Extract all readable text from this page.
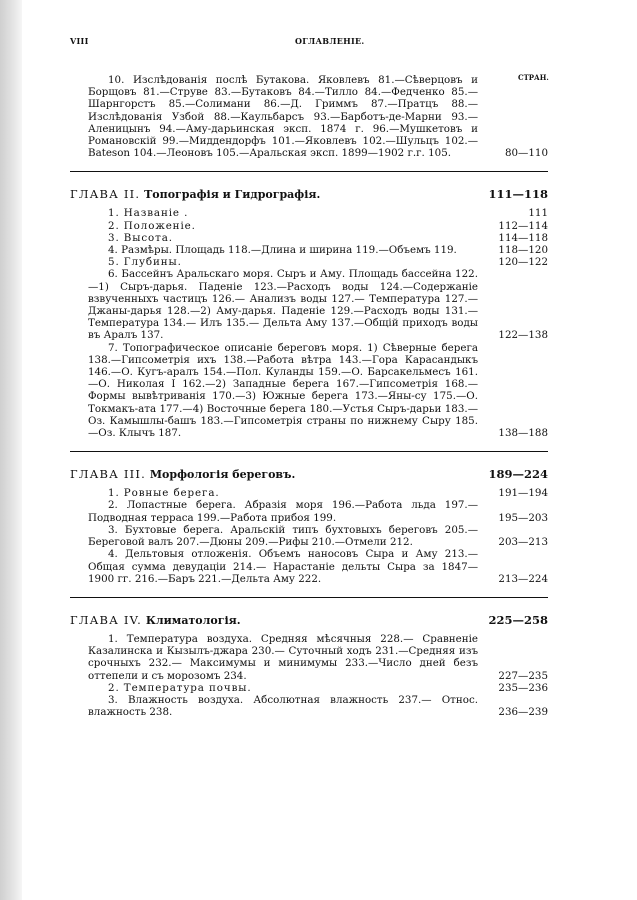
VIII	ОГЛАВЛЕНІЕ.
СТРАН.
10. Изслѣдованія послѣ Бутакова. Яковлевъ 81.—Сѣверцовъ и Борщовъ 81.—Струве 83.—Бутаковъ 84.—Тилло 84.—Федченко 85.— Шарнгорстъ 85.—Солимани 86.—Д. Гриммъ 87.—Пратцъ 88.—Изслѣдованія Узбой 88.—Каульбарсъ 93.—Барботъ-де-Марни 93.—Аленицынъ 94.—Аму-дарьинская эксп. 1874 г. 96.—Мушкетовъ и Романовскій 99.—Миддендорфъ 101.—Яковлевъ 102.—Шульцъ 102.—Bateson 104.—Леоновъ 105.—Аральская эксп. 1899—1902 г.г. 105.	80—110
ГЛАВА II. Топографія и Гидрографія.	111—118
1. Названіе .	111
2. Положеніе.	112—114
3. Высота.	114—118
4. Размѣры. Площадь 118.—Длина и ширина 119.—Объемъ 119.	118—120
5. Глубины.	120—122
6. Бассейнъ Аральскаго моря. Сыръ и Аму. Площадь бассейна 122.—1) Сыръ-дарья. Паденіе 123.—Расходъ воды 124.—Содержаніе взвученныхъ частицъ 126.— Анализъ воды 127.— Температура 127.— Джаны-дарья 128.—2) Аму-дарья. Паденіе 129.—Расходъ воды 131.— Температура 134.— Илъ 135.— Дельта Аму 137.—Общій приходъ воды въ Аралъ 137.	122—138
7. Топографическое описаніе береговъ моря. 1) Сѣверные берега 138.—Гипсометрія ихъ 138.—Работа вѣтра 143.—Гора Карасандыкъ 146.—О. Кугъ-аралъ 154.—Пол. Куланды 159.—О. Барсакельмесъ 161.—О. Николая I 162.—2) Западные берега 167.—Гипсометрія 168.—Формы вывѣтриванія 170.—3) Южные берега 173.—Яны-су 175.—О. Токмакъ-ата 177.—4) Восточные берега 180.—Устья Сыръ-дарьи 183.—Оз. Камышлы-башъ 183.—Гипсометрія страны по нижнему Сыру 185.—Оз. Клычъ 187.	138—188
ГЛАВА III. Морфологія береговъ.	189—224
1. Ровные берега.	191—194
2. Лопастные берега. Абразія моря 196.—Работа льда 197.— Подводная терраса 199.—Работа прибоя 199.	195—203
3. Бухтовые берега. Аральскій типъ бухтовыхъ береговъ 205.— Береговой валъ 207.—Дюны 209.—Рифы 210.—Отмели 212.	203—213
4. Дельтовыя отложенія. Объемъ наносовъ Сыра и Аму 213.— Общая сумма девудаціи 214.— Нарастаніе дельты Сыра за 1847— 1900 гг. 216.—Баръ 221.—Дельта Аму 222.	213—224
ГЛАВА IV. Климатологія.	225—258
1. Температура воздуха. Средняя мѣсячныя 228.— Сравненіе Казалинска и Кызылъ-джара 230.— Суточный ходъ 231.—Средняя изъ срочныхъ 232.— Максимумы и минимумы 233.—Число дней безъ оттепели и съ морозомъ 234.	227—235
2. Температура почвы.	235—236
3. Влажность воздуха. Абсолютная влажность 237.— Относ. влажность 238.	236—239
